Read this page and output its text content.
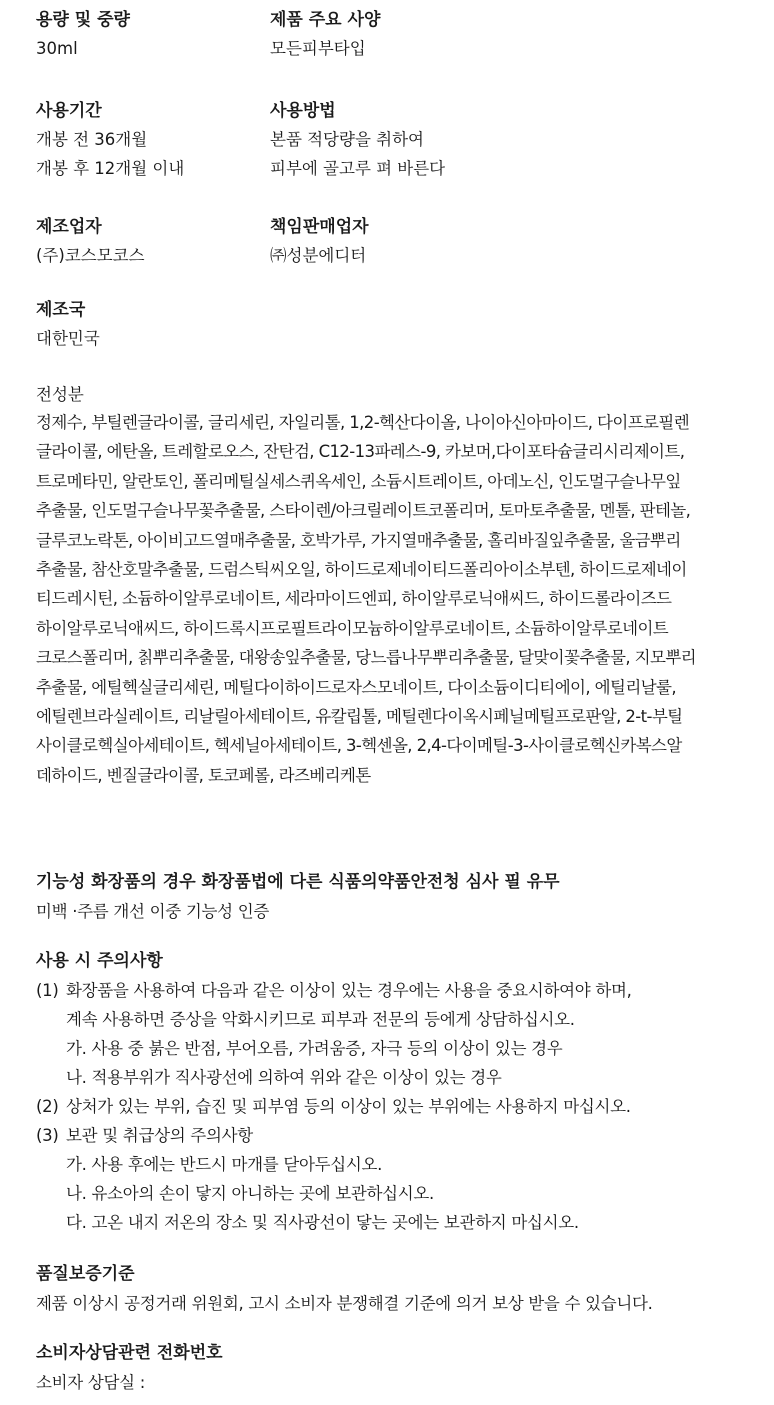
용량 및 중량
30ml
제품 주요 사양
모든피부타입
사용기간
개봉 전 36개월
개봉 후 12개월 이내
사용방법
본품 적당량을 취하여
피부에 골고루 펴 바른다
제조업자
(주)코스모코스
책임판매업자
㈜성분에디터
제조국
대한민국
전성분
정제수, 부틸렌글라이콜, 글리세린, 자일리톨, 1,2-헥산다이올, 나이아신아마이드, 다이프로필렌
글라이콜, 에탄올, 트레할로오스, 잔탄검, C12-13파레스-9, 카보머,다이포타슘글리시리제이트,
트로메타민, 알란토인, 폴리메틸실세스퀴옥세인, 소듐시트레이트, 아데노신, 인도멀구슬나무잎
추출물, 인도멀구슬나무꽃추출물, 스타이렌/아크릴레이트코폴리머, 토마토추출물, 멘톨, 판테놀,
글루코노락톤, 아이비고드열매추출물, 호박가루, 가지열매추출물, 홀리바질잎추출물, 울금뿌리
추출물, 참산호말추출물, 드럼스틱씨오일, 하이드로제네이티드폴리아이소부텐, 하이드로제네이
티드레시틴, 소듐하이알루로네이트, 세라마이드엔피, 하이알루로닉애씨드, 하이드롤라이즈드
하이알루로닉애씨드, 하이드록시프로필트라이모늄하이알루로네이트, 소듐하이알루로네이트
크로스폴리머, 칡뿌리추출물, 대왕송잎추출물, 당느릅나무뿌리추출물, 달맞이꽃추출물, 지모뿌리
추출물, 에틸헥실글리세린, 메틸다이하이드로자스모네이트, 다이소듐이디티에이, 에틸리날룰,
에틸렌브라실레이트, 리날릴아세테이트, 유칼립톨, 메틸렌다이옥시페닐메틸프로판알, 2-t-부틸
사이클로헥실아세테이트, 헥세닐아세테이트, 3-헥센올, 2,4-다이메틸-3-사이클로헥신카복스알
데하이드, 벤질글라이콜, 토코페롤, 라즈베리케톤
기능성 화장품의 경우 화장품법에 다른 식품의약품안전청 심사 필 유무
미백 ·주름 개선 이중 기능성 인증
사용 시 주의사항
(1) 화장품을 사용하여 다음과 같은 이상이 있는 경우에는 사용을 중요시하여야 하며,
계속 사용하면 증상을 악화시키므로 피부과 전문의 등에게 상담하십시오.
가. 사용 중 붉은 반점, 부어오름, 가려움증, 자극 등의 이상이 있는 경우
나. 적용부위가 직사광선에 의하여 위와 같은 이상이 있는 경우
(2) 상처가 있는 부위, 습진 및 피부염 등의 이상이 있는 부위에는 사용하지 마십시오.
(3) 보관 및 취급상의 주의사항
가. 사용 후에는 반드시 마개를 닫아두십시오.
나. 유소아의 손이 닿지 아니하는 곳에 보관하십시오.
다. 고온 내지 저온의 장소 및 직사광선이 닿는 곳에는 보관하지 마십시오.
품질보증기준
제품 이상시 공정거래 위원회, 고시 소비자 분쟁해결 기준에 의거 보상 받을 수 있습니다.
소비자상담관련 전화번호
소비자 상담실 :
